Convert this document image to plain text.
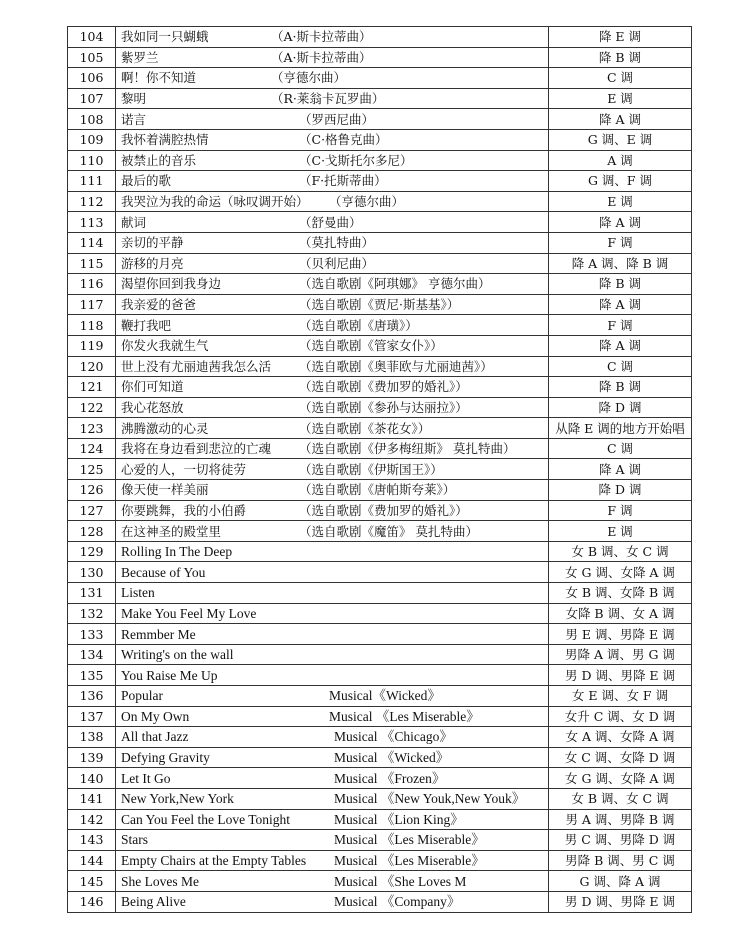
104	我如同一只蝴蛾 （A·斯卡拉蒂曲）	降 E 调
105	紫罗兰 （A·斯卡拉蒂曲）	降 B 调
106	啊！你不知道 （亨德尔曲）	C 调
107	黎明 （R·莱翁卡瓦罗曲）	E 调
108	诺言 （罗西尼曲）	降 A 调
109	我怀着满腔热情 （C·格鲁克曲）	G 调、E 调
110	被禁止的音乐 （C·戈斯托尔多尼）	A 调
111	最后的歌 （F·托斯蒂曲）	G 调、F 调
112	我哭泣为我的命运（咏叹调开始） （亨德尔曲）	E 调
113	献词 （舒曼曲）	降 A 调
114	亲切的平静 （莫扎特曲）	F 调
115	游移的月亮 （贝利尼曲）	降 A 调、降 B 调
116	渴望你回到我身边 （选自歌剧《阿琪娜》 亨德尔曲）	降 B 调
117	我亲爱的爸爸 （选自歌剧《贾尼·斯基基》）	降 A 调
118	鞭打我吧 （选自歌剧《唐璜》）	F 调
119	你发火我就生气 （选自歌剧《管家女仆》）	降 A 调
120	世上没有尤丽迪茜我怎么活 （选自歌剧《奥菲欧与尤丽迪茜》）	C 调
121	你们可知道 （选自歌剧《费加罗的婚礼》）	降 B 调
122	我心花怒放 （选自歌剧《参孙与达丽拉》）	降 D 调
123	沸腾激动的心灵 （选自歌剧《茶花女》）	从降 E 调的地方开始唱
124	我将在身边看到悲泣的亡魂 （选自歌剧《伊多梅纽斯》 莫扎特曲）	C 调
125	心爱的人，一切将徒劳 （选自歌剧《伊斯国王》）	降 A 调
126	像天使一样美丽 （选自歌剧《唐帕斯夸莱》）	降 D 调
127	你要跳舞，我的小伯爵 （选自歌剧《费加罗的婚礼》）	F 调
128	在这神圣的殿堂里 （选自歌剧《魔笛》 莫扎特曲）	E 调
129	Rolling In The Deep	女 B 调、女 C 调
130	Because of You	女 G 调、女降 A 调
131	Listen	女 B 调、女降 B 调
132	Make You Feel My Love	女降 B 调、女 A 调
133	Remmber Me	男 E 调、男降 E 调
134	Writing's on the wall	男降 A 调、男 G 调
135	You Raise Me Up	男 D 调、男降 E 调
136	Popular Musical《Wicked》	女 E 调、女 F 调
137	On My Own Musical 《Les Miserable》	女升 C 调、女 D 调
138	All that Jazz Musical 《Chicago》	女 A 调、女降 A 调
139	Defying Gravity Musical 《Wicked》	女 C 调、女降 D 调
140	Let It Go Musical 《Frozen》	女 G 调、女降 A 调
141	New York,New York Musical 《New Youk,New Youk》	女 B 调、女 C 调
142	Can You Feel the Love Tonight Musical 《Lion King》	男 A 调、男降 B 调
143	Stars Musical 《Les Miserable》	男 C 调、男降 D 调
144	Empty Chairs at the Empty Tables Musical 《Les Miserable》	男降 B 调、男 C 调
145	She Loves Me Musical 《She Loves M	G 调、降 A 调
146	Being Alive Musical 《Company》	男 D 调、男降 E 调
